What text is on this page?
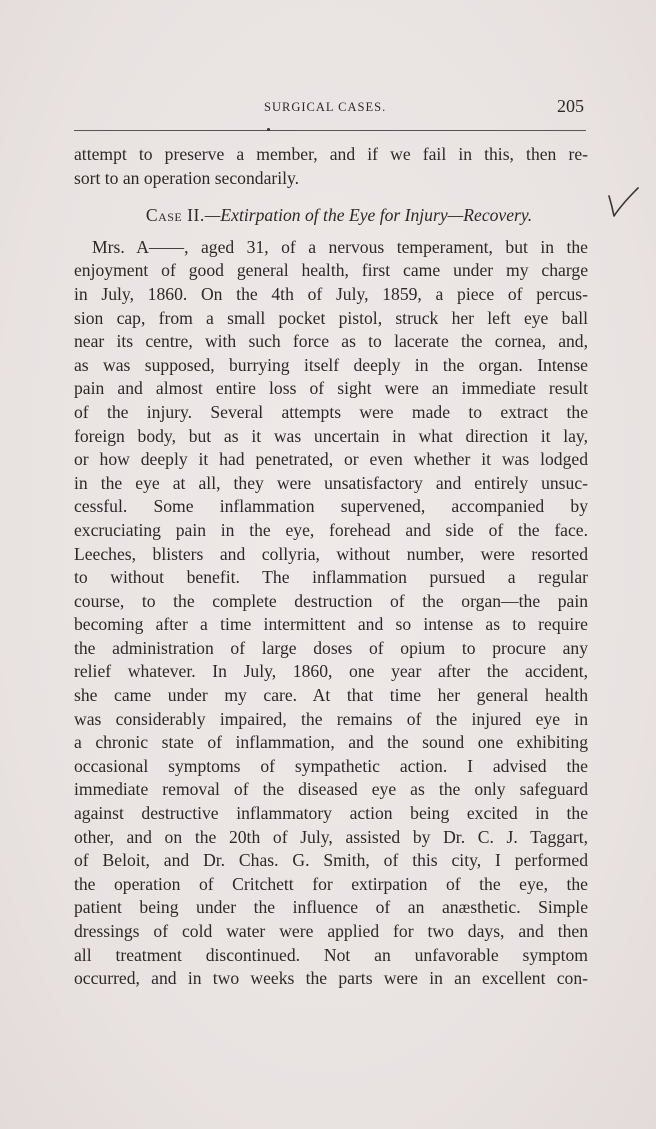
SURGICAL CASES.	205
attempt to preserve a member, and if we fail in this, then re-
sort to an operation secondarily.
Case II.—Extirpation of the Eye for Injury—Recovery.
Mrs. A——, aged 31, of a nervous temperament, but in the
enjoyment of good general health, first came under my charge
in July, 1860. On the 4th of July, 1859, a piece of percus-
sion cap, from a small pocket pistol, struck her left eye ball
near its centre, with such force as to lacerate the cornea, and,
as was supposed, burrying itself deeply in the organ. Intense
pain and almost entire loss of sight were an immediate result
of the injury. Several attempts were made to extract the
foreign body, but as it was uncertain in what direction it lay,
or how deeply it had penetrated, or even whether it was lodged
in the eye at all, they were unsatisfactory and entirely unsuc-
cessful. Some inflammation supervened, accompanied by
excruciating pain in the eye, forehead and side of the face.
Leeches, blisters and collyria, without number, were resorted
to without benefit. The inflammation pursued a regular
course, to the complete destruction of the organ—the pain
becoming after a time intermittent and so intense as to require
the administration of large doses of opium to procure any
relief whatever. In July, 1860, one year after the accident,
she came under my care. At that time her general health
was considerably impaired, the remains of the injured eye in
a chronic state of inflammation, and the sound one exhibiting
occasional symptoms of sympathetic action. I advised the
immediate removal of the diseased eye as the only safeguard
against destructive inflammatory action being excited in the
other, and on the 20th of July, assisted by Dr. C. J. Taggart,
of Beloit, and Dr. Chas. G. Smith, of this city, I performed
the operation of Critchett for extirpation of the eye, the
patient being under the influence of an anæsthetic. Simple
dressings of cold water were applied for two days, and then
all treatment discontinued. Not an unfavorable symptom
occurred, and in two weeks the parts were in an excellent con-
